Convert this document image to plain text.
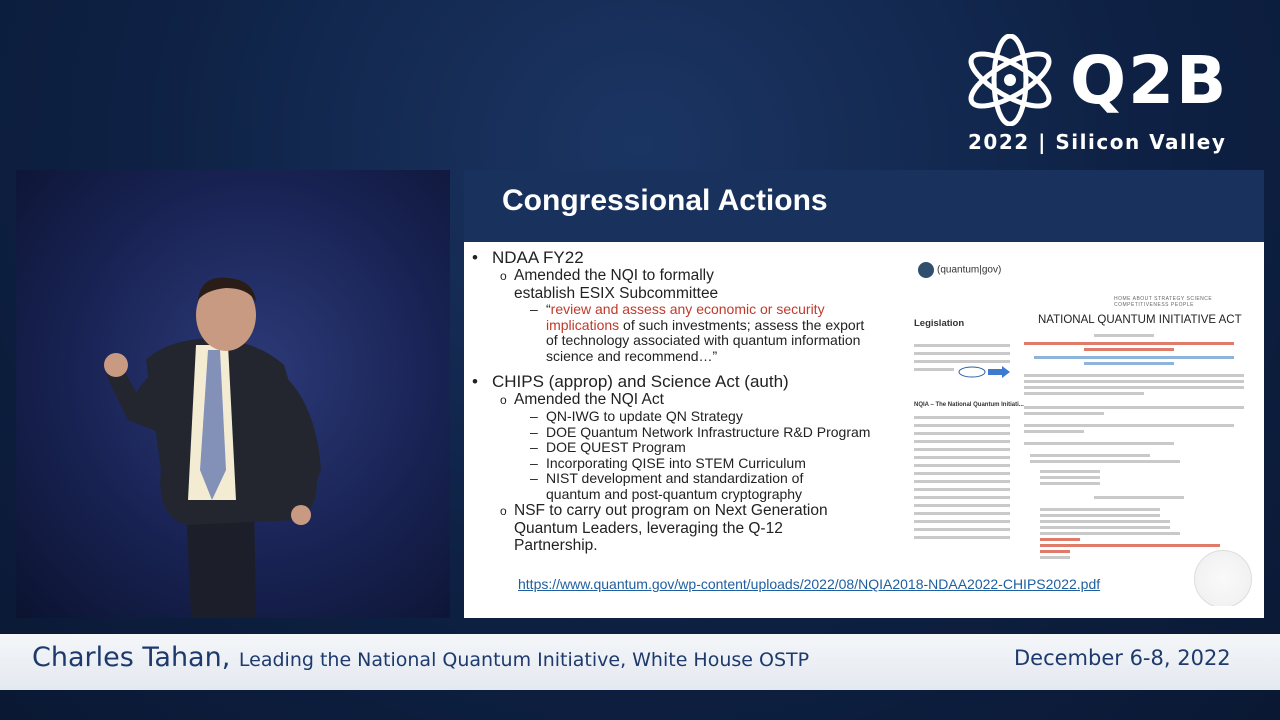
Q2B
2022 | Silicon Valley
Congressional Actions
• NDAA FY22
o Amended the NQI to formally
establish ESIX Subcommittee
– “review and assess any economic or security
implications of such investments; assess the export
of technology associated with quantum information
science and recommend…”
• CHIPS (approp) and Science Act (auth)
o Amended the NQI Act
– QN-IWG to update QN Strategy
– DOE Quantum Network Infrastructure R&D Program
– DOE QUEST Program
– Incorporating QISE into STEM Curriculum
– NIST development and standardization of
quantum and post-quantum cryptography
o NSF to carry out program on Next Generation
Quantum Leaders, leveraging the Q-12
Partnership.
(quantum|gov)
HOME ABOUT STRATEGY SCIENCE COMPETITIVENESS PEOPLE
Legislation	NATIONAL QUANTUM INITIATIVE ACT
NQIA – The National Quantum Initiati...
https://www.quantum.gov/wp-content/uploads/2022/08/NQIA2018-NDAA2022-CHIPS2022.pdf
Charles Tahan, Leading the National Quantum Initiative, White House OSTP	December 6-8, 2022
